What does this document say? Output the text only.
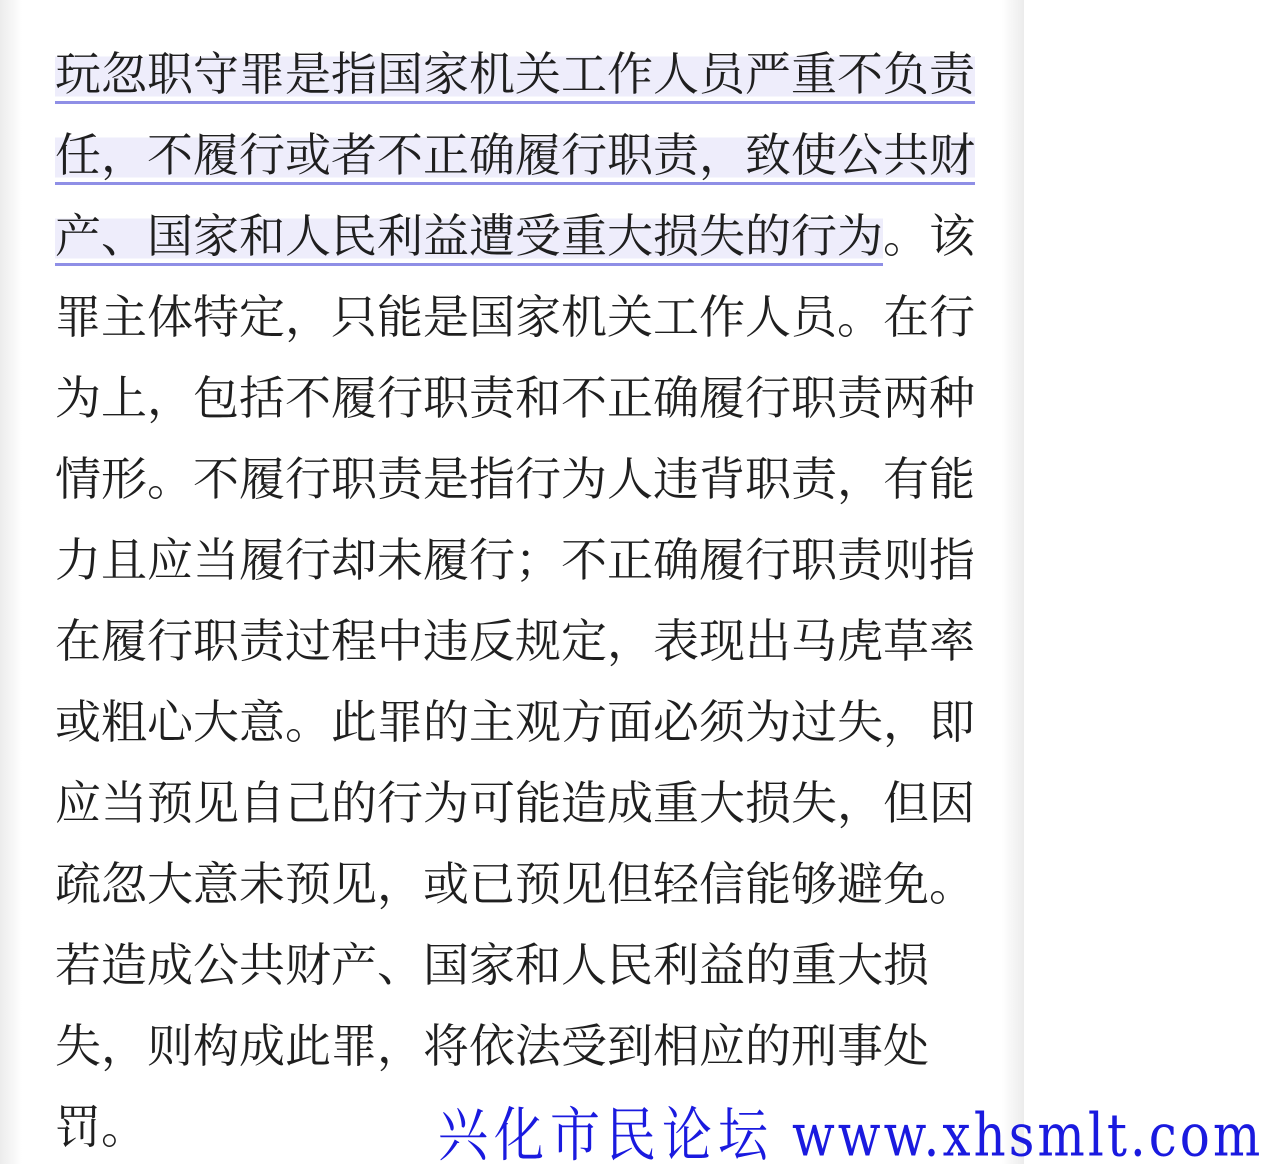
玩忽职守罪是指国家机关工作人员严重不负责
任，不履行或者不正确履行职责，致使公共财
产、国家和人民利益遭受重大损失的行为。该
罪主体特定，只能是国家机关工作人员。在行
为上，包括不履行职责和不正确履行职责两种
情形。不履行职责是指行为人违背职责，有能
力且应当履行却未履行；不正确履行职责则指
在履行职责过程中违反规定，表现出马虎草率
或粗心大意。此罪的主观方面必须为过失，即
应当预见自己的行为可能造成重大损失，但因
疏忽大意未预见，或已预见但轻信能够避免。
若造成公共财产、国家和人民利益的重大损
失，则构成此罪，将依法受到相应的刑事处
罚。	兴化市民论坛 www.xhsmlt.com
